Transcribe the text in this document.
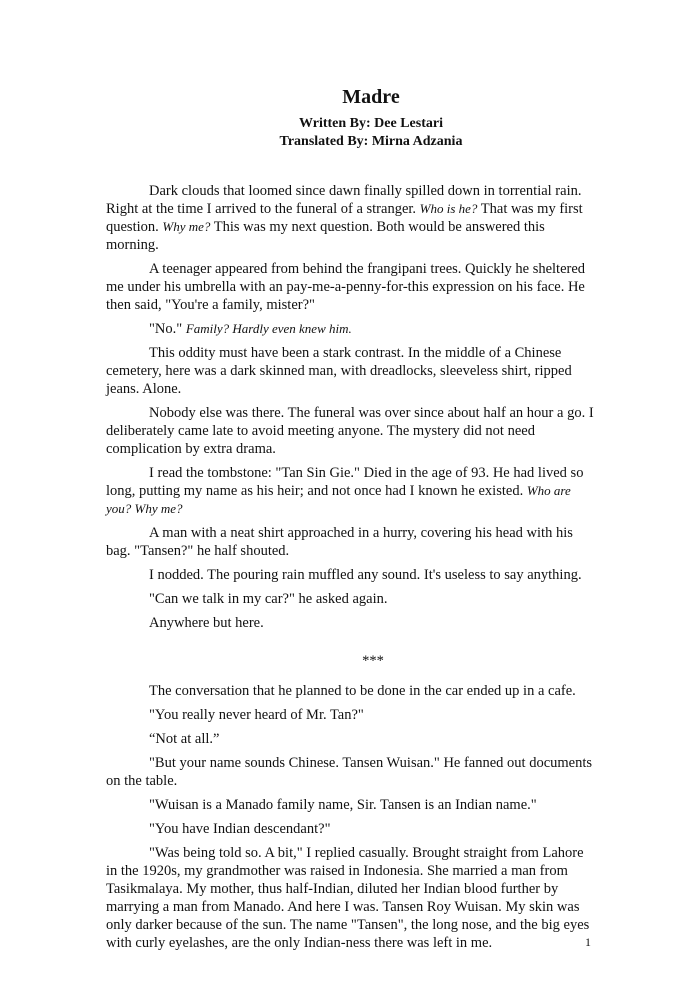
Madre
Written By: Dee Lestari
Translated By: Mirna Adzania

Dark clouds that loomed since dawn finally spilled down in torrential rain. Right at the time I arrived to the funeral of a stranger. Who is he? That was my first question. Why me? This was my next question. Both would be answered this morning.

A teenager appeared from behind the frangipani trees. Quickly he sheltered me under his umbrella with an pay-me-a-penny-for-this expression on his face. He then said, "You're a family, mister?"

"No." Family? Hardly even knew him.

This oddity must have been a stark contrast. In the middle of a Chinese cemetery, here was a dark skinned man, with dreadlocks, sleeveless shirt, ripped jeans. Alone.

Nobody else was there. The funeral was over since about half an hour a go. I deliberately came late to avoid meeting anyone. The mystery did not need complication by extra drama.

I read the tombstone: "Tan Sin Gie." Died in the age of 93. He had lived so long, putting my name as his heir; and not once had I known he existed. Who are you? Why me?

A man with a neat shirt approached in a hurry, covering his head with his bag. "Tansen?" he half shouted.

I nodded. The pouring rain muffled any sound. It's useless to say anything.

"Can we talk in my car?" he asked again.

Anywhere but here.

***

The conversation that he planned to be done in the car ended up in a cafe.

"You really never heard of Mr. Tan?"

“Not at all.”

"But your name sounds Chinese. Tansen Wuisan." He fanned out documents on the table.

"Wuisan is a Manado family name, Sir. Tansen is an Indian name."

"You have Indian descendant?"

"Was being told so. A bit," I replied casually. Brought straight from Lahore in the 1920s, my grandmother was raised in Indonesia. She married a man from Tasikmalaya. My mother, thus half-Indian, diluted her Indian blood further by marrying a man from Manado. And here I was. Tansen Roy Wuisan. My skin was only darker because of the sun. The name "Tansen", the long nose, and the big eyes with curly eyelashes, are the only Indian-ness there was left in me.	1
